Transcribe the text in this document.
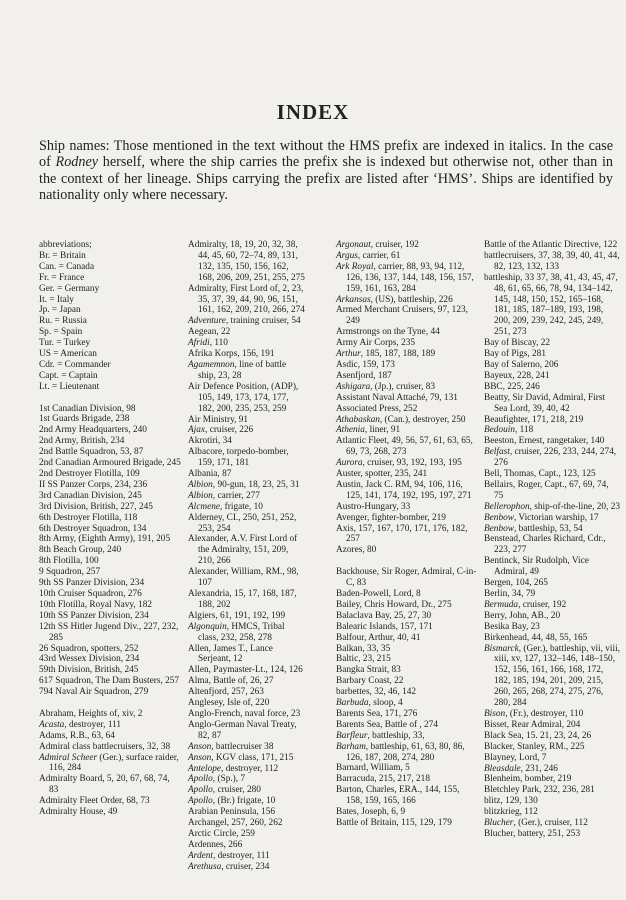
INDEX
Ship names: Those mentioned in the text without the HMS prefix are indexed in italics. In the case of Rodney herself, where the ship carries the prefix she is indexed but otherwise not, other than in the context of her lineage. Ships carrying the prefix are listed after ‘HMS’. Ships are identified by nationality only where necessary.
abbreviations;
Br. = Britain
Can. = Canada
Fr. = France
Ger. = Germany
It. = Italy
Jp. = Japan
Ru. = Russia
Sp. = Spain
Tur. = Turkey
US = American
Cdr. = Commander
Capt. = Captain
Lt. = Lieutenant
1st Canadian Division, 98
1st Guards Brigade, 238
2nd Army Headquarters, 240
2nd Army, British, 234
2nd Battle Squadron, 53, 87
2nd Canadian Armoured Brigade, 245
2nd Destroyer Flotilla, 109
II SS Panzer Corps, 234, 236
3rd Canadian Division, 245
3rd Division, British, 227, 245
6th Destroyer Flotilla, 118
6th Destroyer Squadron, 134
8th Army, (Eighth Army), 191, 205
8th Beach Group, 240
8th Flotilla, 100
9 Squadron, 257
9th SS Panzer Division, 234
10th Cruiser Squadron, 276
10th Flotilla, Royal Navy, 182
10th SS Panzer Division, 234
12th SS Hitler Jugend Div., 227, 232, 285
26 Squadron, spotters, 252
43rd Wessex Division, 234
59th Division, British, 245
617 Squadron, The Dam Busters, 257
794 Naval Air Squadron, 279
Abraham, Heights of, xiv, 2
Acasta, destroyer, 111
Adams, R.B., 63, 64
Admiral class battlecruisers, 32, 38
Admiral Scheer (Ger.), surface raider, 116, 284
Admiralty Board, 5, 20, 67, 68, 74, 83
Admiralty Fleet Order, 68, 73
Admiralty House, 49
Admiralty, 18, 19, 20, 32, 38, 44, 45, 60, 72–74, 89, 131, 132, 135, 150, 156, 162, 168, 206, 209, 251, 255, 275
Admiralty, First Lord of, 2, 23, 35, 37, 39, 44, 90, 96, 151, 161, 162, 209, 210, 266, 274
Adventure, training cruiser, 54
Aegean, 22
Afridi, 110
Afrika Korps, 156, 191
Agamemnon, line of battle ship, 23, 28
Air Defence Position, (ADP), 105, 149, 173, 174, 177, 182, 200, 235, 253, 259
Air Ministry, 91
Ajax, cruiser, 226
Akrotiri, 34
Albacore, torpedo-bomber, 159, 171, 181
Albania, 87
Albion, 90-gun, 18, 23, 25, 31
Albion, carrier, 277
Alcmene, frigate, 10
Alderney, CI., 250, 251, 252, 253, 254
Alexander, A.V. First Lord of the Admiralty, 151, 209, 210, 266
Alexander, William, RM., 98, 107
Alexandria, 15, 17, 168, 187, 188, 202
Algiers, 61, 191, 192, 199
Algonquin, HMCS, Tribal class, 232, 258, 278
Allen, James T., Lance Serjeant, 12
Allen, Paymaster-Lt., 124, 126
Alma, Battle of, 26, 27
Altenfjord, 257, 263
Anglesey, Isle of, 220
Anglo-French, naval force, 23
Anglo-German Naval Treaty, 82, 87
Anson, battlecruiser 38
Anson, KGV class, 171, 215
Antelope, destroyer, 112
Apollo, (Sp.), 7
Apollo, cruiser, 280
Apollo, (Br.) frigate, 10
Arabian Peninsula, 156
Archangel, 257, 260, 262
Arctic Circle, 259
Ardennes, 266
Ardent, destroyer, 111
Arethusa, cruiser, 234
Argonaut, cruiser, 192
Argus, carrier, 61
Ark Royal, carrier, 88, 93, 94, 112, 126, 136, 137, 144, 148, 156, 157, 159, 161, 163, 284
Arkansas, (US), battleship, 226
Armed Merchant Cruisers, 97, 123, 249
Armstrongs on the Tyne, 44
Army Air Corps, 235
Arthur, 185, 187, 188, 189
Asdic, 159, 173
Asenfjord, 187
Ashigara, (Jp.), cruiser, 83
Assistant Naval Attaché, 79, 131
Associated Press, 252
Athabaskan, (Can.), destroyer, 250
Athenia, liner, 91
Atlantic Fleet, 49, 56, 57, 61, 63, 65, 69, 73, 268, 273
Aurora, cruiser, 93, 192, 193, 195
Auster, spotter, 235, 241
Austin, Jack C. RM, 94, 106, 116, 125, 141, 174, 192, 195, 197, 271
Austro-Hungary, 33
Avenger, fighter-bomber, 219
Axis, 157, 167, 170, 171, 176, 182, 257
Azores, 80
Backhouse, Sir Roger, Admiral, C-in-C, 83
Baden-Powell, Lord, 8
Bailey, Chris Howard, Dr., 275
Balaclava Bay, 25, 27, 30
Balearic Islands, 157, 171
Balfour, Arthur, 40, 41
Balkan, 33, 35
Baltic, 23, 215
Bangka Strait, 83
Barbary Coast, 22
barbettes, 32, 46, 142
Barbuda, sloop, 4
Barents Sea, 171, 276
Barents Sea, Battle of , 274
Barfleur, battleship, 33,
Barham, battleship, 61, 63, 80, 86, 126, 187, 208, 274, 280
Barnard, William, 5
Barracuda, 215, 217, 218
Barton, Charles, ERA., 144, 155, 158, 159, 165, 166
Bates, Joseph, 6, 9
Battle of Britain, 115, 129, 179
Battle of the Atlantic Directive, 122
battlecruisers, 37, 38, 39, 40, 41, 44, 82, 123, 132, 133
battleship, 33 37, 38, 41, 43, 45, 47, 48, 61, 65, 66, 78, 94, 134–142, 145, 148, 150, 152, 165–168, 181, 185, 187–189, 193, 198, 200, 209, 239, 242, 245, 249, 251, 273
Bay of Biscay, 22
Bay of Pigs, 281
Bay of Salerno, 206
Bayeux, 228, 241
BBC, 225, 246
Beatty, Sir David, Admiral, First Sea Lord, 39, 40, 42
Beaufighter, 171, 218, 219
Bedouin, 118
Beeston, Ernest, rangetaker, 140
Belfast, cruiser, 226, 233, 244, 274, 276
Bell, Thomas, Capt., 123, 125
Bellairs, Roger, Capt., 67, 69, 74, 75
Bellerophon, ship-of-the-line, 20, 23
Benbow, Victorian warship, 17
Benbow, battleship, 53, 54
Benstead, Charles Richard, Cdr., 223, 277
Bentinck, Sir Rudolph, Vice Admiral, 49
Bergen, 104, 265
Berlin, 34, 79
Bermuda, cruiser, 192
Berry, John, AB., 20
Besika Bay, 23
Birkenhead, 44, 48, 55, 165
Bismarck, (Ger.), battleship, vii, viii, xiii, xv, 127, 132–146, 148–150, 152, 156, 161, 166, 168, 172, 182, 185, 194, 201, 209, 215, 260, 265, 268, 274, 275, 276, 280, 284
Bison, (Fr.), destroyer, 110
Bisset, Rear Admiral, 204
Black Sea, 15. 21, 23, 24, 26
Blacker, Stanley, RM., 225
Blayney, Lord, 7
Bleasdale, 231, 246
Blenheim, bomber, 219
Bletchley Park, 232, 236, 281
blitz, 129, 130
blitzkrieg, 112
Blucher, (Ger.), cruiser, 112
Blucher, battery, 251, 253
